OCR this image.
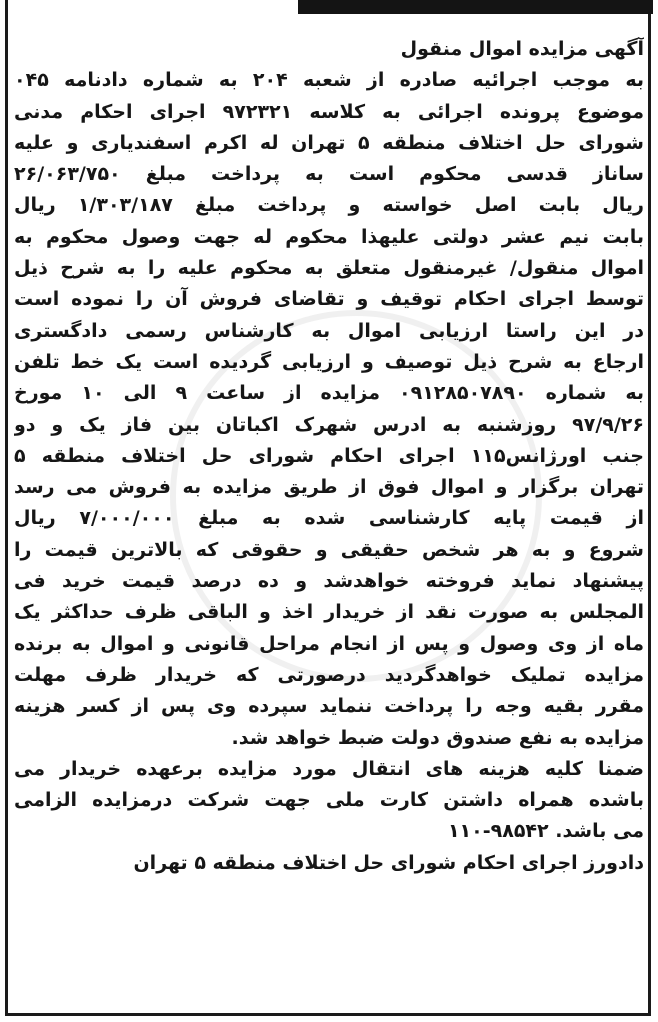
آگهی مزایده اموال منقول
به موجب اجرائیه صادره از شعبه ۲۰۴ به شماره دادنامه ۰۴۵
موضوع پرونده اجرائی به کلاسه ۹۷۲۳۲۱ اجرای احکام مدنی
شورای حل اختلاف منطقه ۵ تهران له اکرم اسفندیاری و علیه
ساناز قدسی محکوم است به پرداخت مبلغ ۲۶/۰۶۳/۷۵۰
ریال بابت اصل خواسته و پرداخت مبلغ ۱/۳۰۳/۱۸۷ ریال
بابت نیم عشر دولتی علیهذا محکوم له جهت وصول محکوم به
اموال منقول/ غیرمنقول متعلق به محکوم علیه را به شرح ذیل
توسط اجرای احکام توقیف و تقاضای فروش آن را نموده است
در این راستا ارزیابی اموال به کارشناس رسمی دادگستری
ارجاع به شرح ذیل توصیف و ارزیابی گردیده است یک خط تلفن
به شماره ۰۹۱۲۸۵۰۷۸۹۰ مزایده از ساعت ۹ الی ۱۰ مورخ
۹۷/۹/۲۶ روزشنبه به ادرس شهرک اکباتان بین فاز یک و دو
جنب اورژانس۱۱۵ اجرای احکام شورای حل اختلاف منطقه ۵
تهران برگزار و اموال فوق از طریق مزایده به فروش می رسد
از قیمت پایه کارشناسی شده به مبلغ ۷/۰۰۰/۰۰۰ ریال
شروع و به هر شخص حقیقی و حقوقی که بالاترین قیمت را
پیشنهاد نماید فروخته خواهدشد و ده درصد قیمت خرید فی
المجلس به صورت نقد از خریدار اخذ و الباقی ظرف حداکثر یک
ماه از وی وصول و پس از انجام مراحل قانونی و اموال به برنده
مزایده تملیک خواهدگردید درصورتی که خریدار ظرف مهلت
مقرر بقیه وجه را پرداخت ننماید سپرده وی پس از کسر هزینه
مزایده به نفع صندوق دولت ضبط خواهد شد.
ضمنا کلیه هزینه های انتقال مورد مزایده برعهده خریدار می
باشده همراه داشتن کارت ملی جهت شرکت درمزایده الزامی
می باشد. ۹۸۵۴۲-۱۱۰
دادورز اجرای احکام شورای حل اختلاف منطقه ۵ تهران
